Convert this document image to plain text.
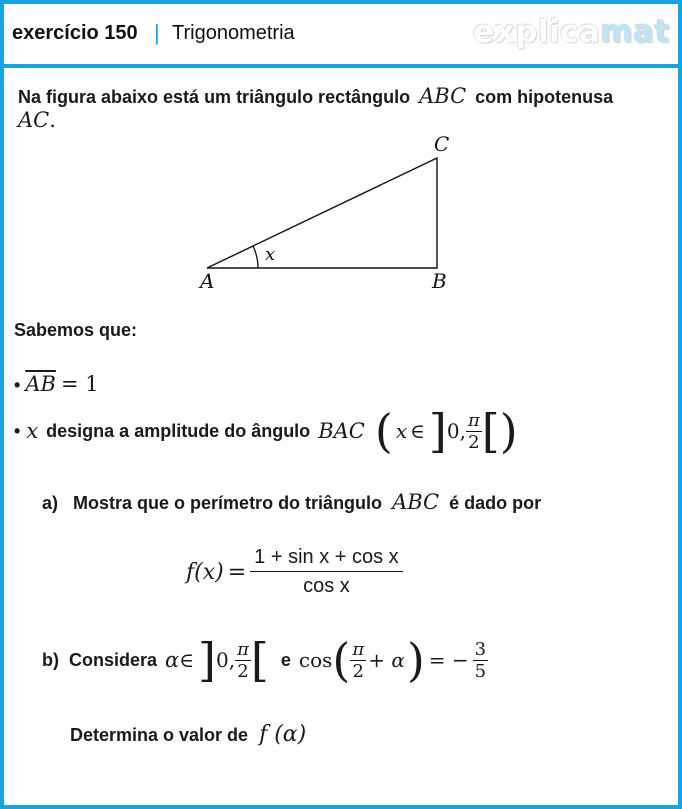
exercício 150 | Trigonometria	explicamat
Na figura abaixo está um triângulo rectângulo ABC com hipotenusa
AC.
A	B
C
x
Sabemos que:
• $\overline{AB} = 1$
• x designa a amplitude do ângulo BAC ( x ∈ ] 0, $\frac{\pi}{2}$ [ )
a) Mostra que o perímetro do triângulo ABC é dado por
f $(x) = \frac{\text{1 + sin x + cos x}}{\text{cos x}}$
b) Considera α ∈ ] 0, $\frac{\pi}{2}$ [ e cos ( $\frac{\pi}{2} + \alpha$ ) = − $\frac{3}{5}$
Determina o valor de f (α)
